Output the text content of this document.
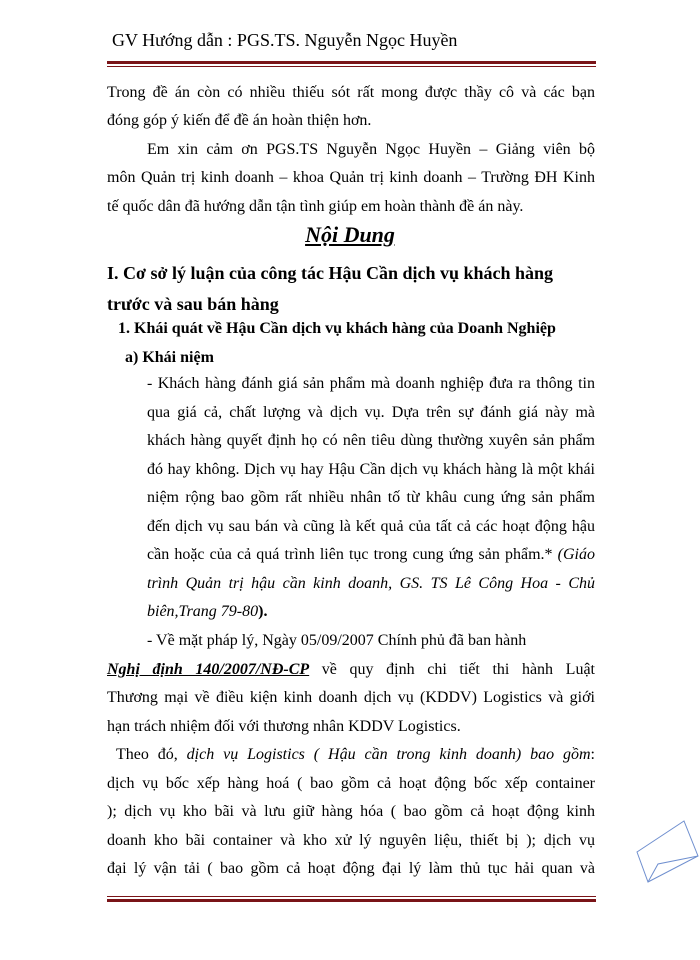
GV Hướng dẫn : PGS.TS. Nguyễn Ngọc Huyền
Trong đề án còn có nhiều thiếu sót rất mong được thầy cô và các bạn
đóng góp ý kiến để đề án hoàn thiện hơn.
Em xin cảm ơn PGS.TS Nguyễn Ngọc Huyền – Giảng viên bộ
môn Quản trị kinh doanh – khoa Quản trị kinh doanh – Trường ĐH Kinh
tế quốc dân đã hướng dẫn tận tình giúp em hoàn thành đề án này.
Nội Dung
I. Cơ sở lý luận của công tác Hậu Cần dịch vụ khách hàng trước và sau bán hàng
1. Khái quát về Hậu Cần dịch vụ khách hàng của Doanh Nghiệp
a) Khái niệm
- Khách hàng đánh giá sản phẩm mà doanh nghiệp đưa ra thông tin
qua giá cả, chất lượng và dịch vụ. Dựa trên sự đánh giá này mà
khách hàng quyết định họ có nên tiêu dùng thường xuyên sản phẩm
đó hay không. Dịch vụ hay Hậu Cần dịch vụ khách hàng là một khái
niệm rộng bao gồm rất nhiều nhân tố từ khâu cung ứng sản phẩm
đến dịch vụ sau bán và cũng là kết quả của tất cả các hoạt động hậu
cần hoặc của cả quá trình liên tục trong cung ứng sản phẩm.* (Giáo
trình Quản trị hậu cần kinh doanh, GS. TS Lê Công Hoa - Chủ
biên,Trang 79-80).
- Về mặt pháp lý, Ngày 05/09/2007 Chính phủ đã ban hành
Nghị định 140/2007/NĐ-CP về quy định chi tiết thi hành Luật
Thương mại về điều kiện kinh doanh dịch vụ (KDDV) Logistics và giới
hạn trách nhiệm đối với thương nhân KDDV Logistics.
Theo đó, dịch vụ Logistics ( Hậu cần trong kinh doanh) bao gồm:
dịch vụ bốc xếp hàng hoá ( bao gồm cả hoạt động bốc xếp container
); dịch vụ kho bãi và lưu giữ hàng hóa ( bao gồm cả hoạt động kinh
doanh kho bãi container và kho xử lý nguyên liệu, thiết bị ); dịch vụ
đại lý vận tải ( bao gồm cả hoạt động đại lý làm thủ tục hải quan và
